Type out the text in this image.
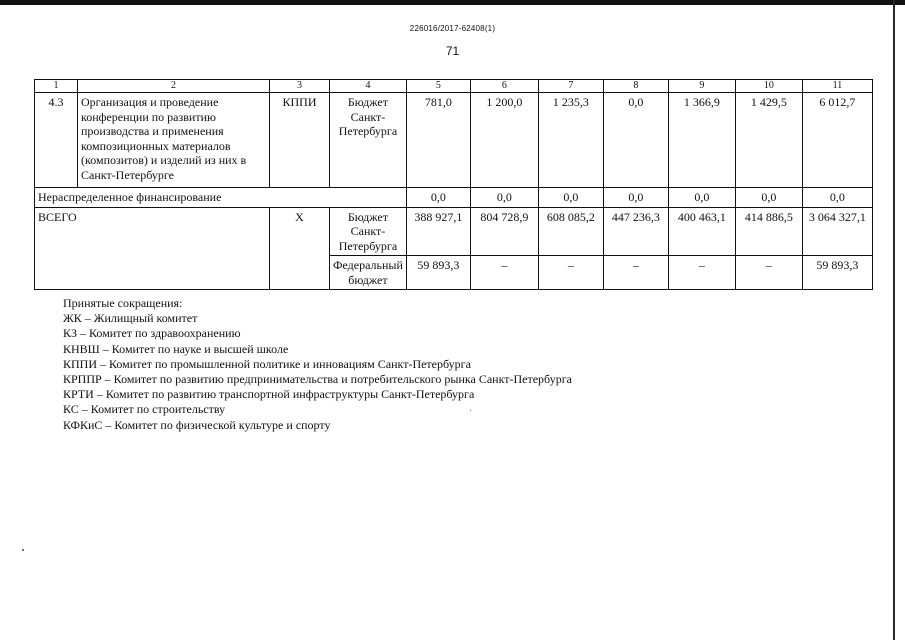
226016/2017-62408(1)
71
1	2	3	4	5	6	7	8	9	10	11
4.3	Организация и проведение конференции по развитию производства и применения композиционных материалов (композитов) и изделий из них в Санкт-Петербурге	КППИ	Бюджет Санкт-Петербурга	781,0	1 200,0	1 235,3	0,0	1 366,9	1 429,5	6 012,7
Нераспределенное финансирование				0,0	0,0	0,0	0,0	0,0	0,0	0,0
ВСЕГО		Х	Бюджет Санкт-Петербурга	388 927,1	804 728,9	608 085,2	447 236,3	400 463,1	414 886,5	3 064 327,1
			Федеральный бюджет	59 893,3	–	–	–	–	–	59 893,3
Принятые сокращения:
ЖК – Жилищный комитет
КЗ – Комитет по здравоохранению
КНВШ – Комитет по науке и высшей школе
КППИ – Комитет по промышленной политике и инновациям Санкт-Петербурга
КРППР – Комитет по развитию предпринимательства и потребительского рынка Санкт-Петербурга
КРТИ – Комитет по развитию транспортной инфраструктуры Санкт-Петербурга
КС – Комитет по строительству
КФКиС – Комитет по физической культуре и спорту
